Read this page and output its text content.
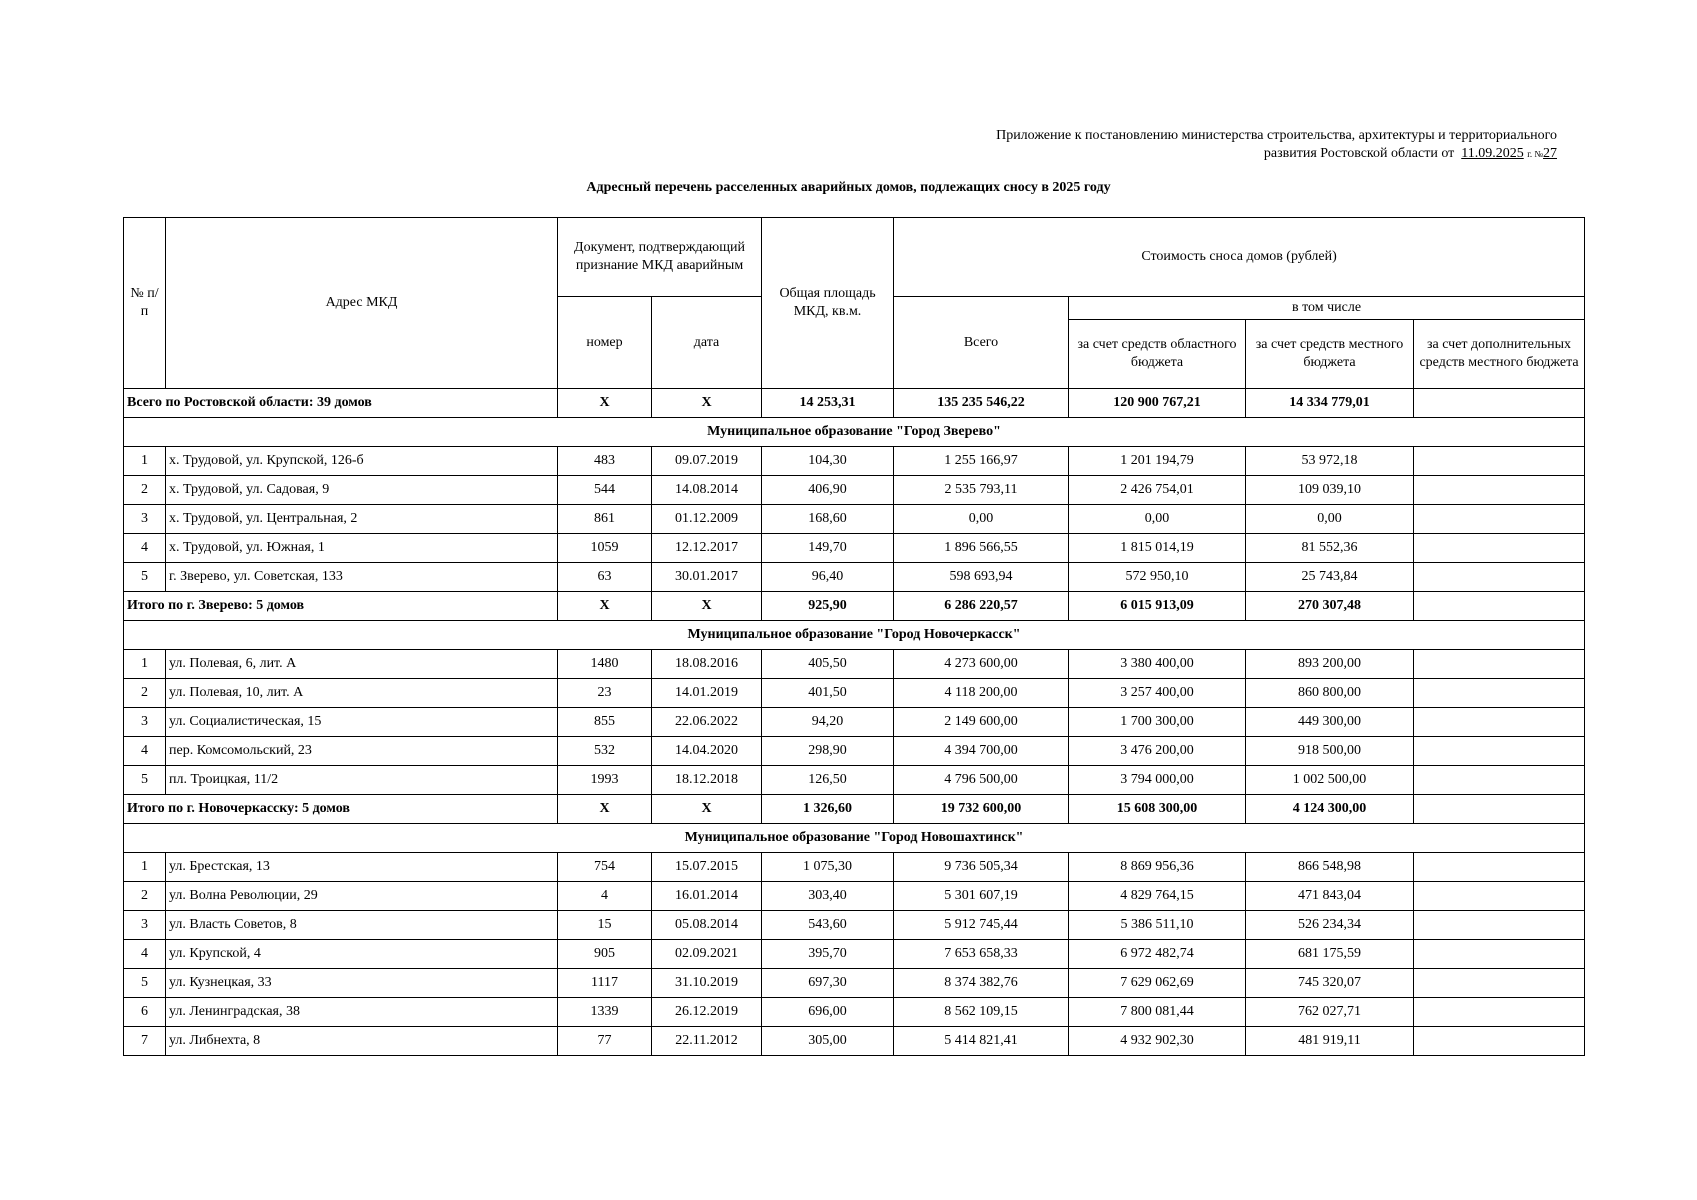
Приложение к постановлению министерства строительства, архитектуры и территориального
развития Ростовской области от 11.09.2025 г. №27
Адресный перечень расселенных аварийных домов, подлежащих сносу в 2025 году
№ п/п	Адрес МКД	Документ, подтверждающий признание МКД аварийным		Общая площадь МКД, кв.м.	Стоимость сноса домов (рублей)			
		номер	дата		Всего	в том числе		
						за счет средств областного бюджета	за счет средств местного бюджета	за счет дополнительных средств местного бюджета
Всего по Ростовской области: 39 домов		X	X	14 253,31	135 235 546,22	120 900 767,21	14 334 779,01	
Муниципальное образование "Город Зверево"								
1	х. Трудовой, ул. Крупской, 126-б	483	09.07.2019	104,30	1 255 166,97	1 201 194,79	53 972,18	
2	х. Трудовой, ул. Садовая, 9	544	14.08.2014	406,90	2 535 793,11	2 426 754,01	109 039,10	
3	х. Трудовой, ул. Центральная, 2	861	01.12.2009	168,60	0,00	0,00	0,00	
4	х. Трудовой, ул. Южная, 1	1059	12.12.2017	149,70	1 896 566,55	1 815 014,19	81 552,36	
5	г. Зверево, ул. Советская, 133	63	30.01.2017	96,40	598 693,94	572 950,10	25 743,84	
Итого по г. Зверево: 5 домов		X	X	925,90	6 286 220,57	6 015 913,09	270 307,48	
Муниципальное образование "Город Новочеркасск"								
1	ул. Полевая, 6, лит. А	1480	18.08.2016	405,50	4 273 600,00	3 380 400,00	893 200,00	
2	ул. Полевая, 10, лит. А	23	14.01.2019	401,50	4 118 200,00	3 257 400,00	860 800,00	
3	ул. Социалистическая, 15	855	22.06.2022	94,20	2 149 600,00	1 700 300,00	449 300,00	
4	пер. Комсомольский, 23	532	14.04.2020	298,90	4 394 700,00	3 476 200,00	918 500,00	
5	пл. Троицкая, 11/2	1993	18.12.2018	126,50	4 796 500,00	3 794 000,00	1 002 500,00	
Итого по г. Новочеркасску: 5 домов		X	X	1 326,60	19 732 600,00	15 608 300,00	4 124 300,00	
Муниципальное образование "Город Новошахтинск"								
1	ул. Брестская, 13	754	15.07.2015	1 075,30	9 736 505,34	8 869 956,36	866 548,98	
2	ул. Волна Революции, 29	4	16.01.2014	303,40	5 301 607,19	4 829 764,15	471 843,04	
3	ул. Власть Советов, 8	15	05.08.2014	543,60	5 912 745,44	5 386 511,10	526 234,34	
4	ул. Крупской, 4	905	02.09.2021	395,70	7 653 658,33	6 972 482,74	681 175,59	
5	ул. Кузнецкая, 33	1117	31.10.2019	697,30	8 374 382,76	7 629 062,69	745 320,07	
6	ул. Ленинградская, 38	1339	26.12.2019	696,00	8 562 109,15	7 800 081,44	762 027,71	
7	ул. Либнехта, 8	77	22.11.2012	305,00	5 414 821,41	4 932 902,30	481 919,11	
